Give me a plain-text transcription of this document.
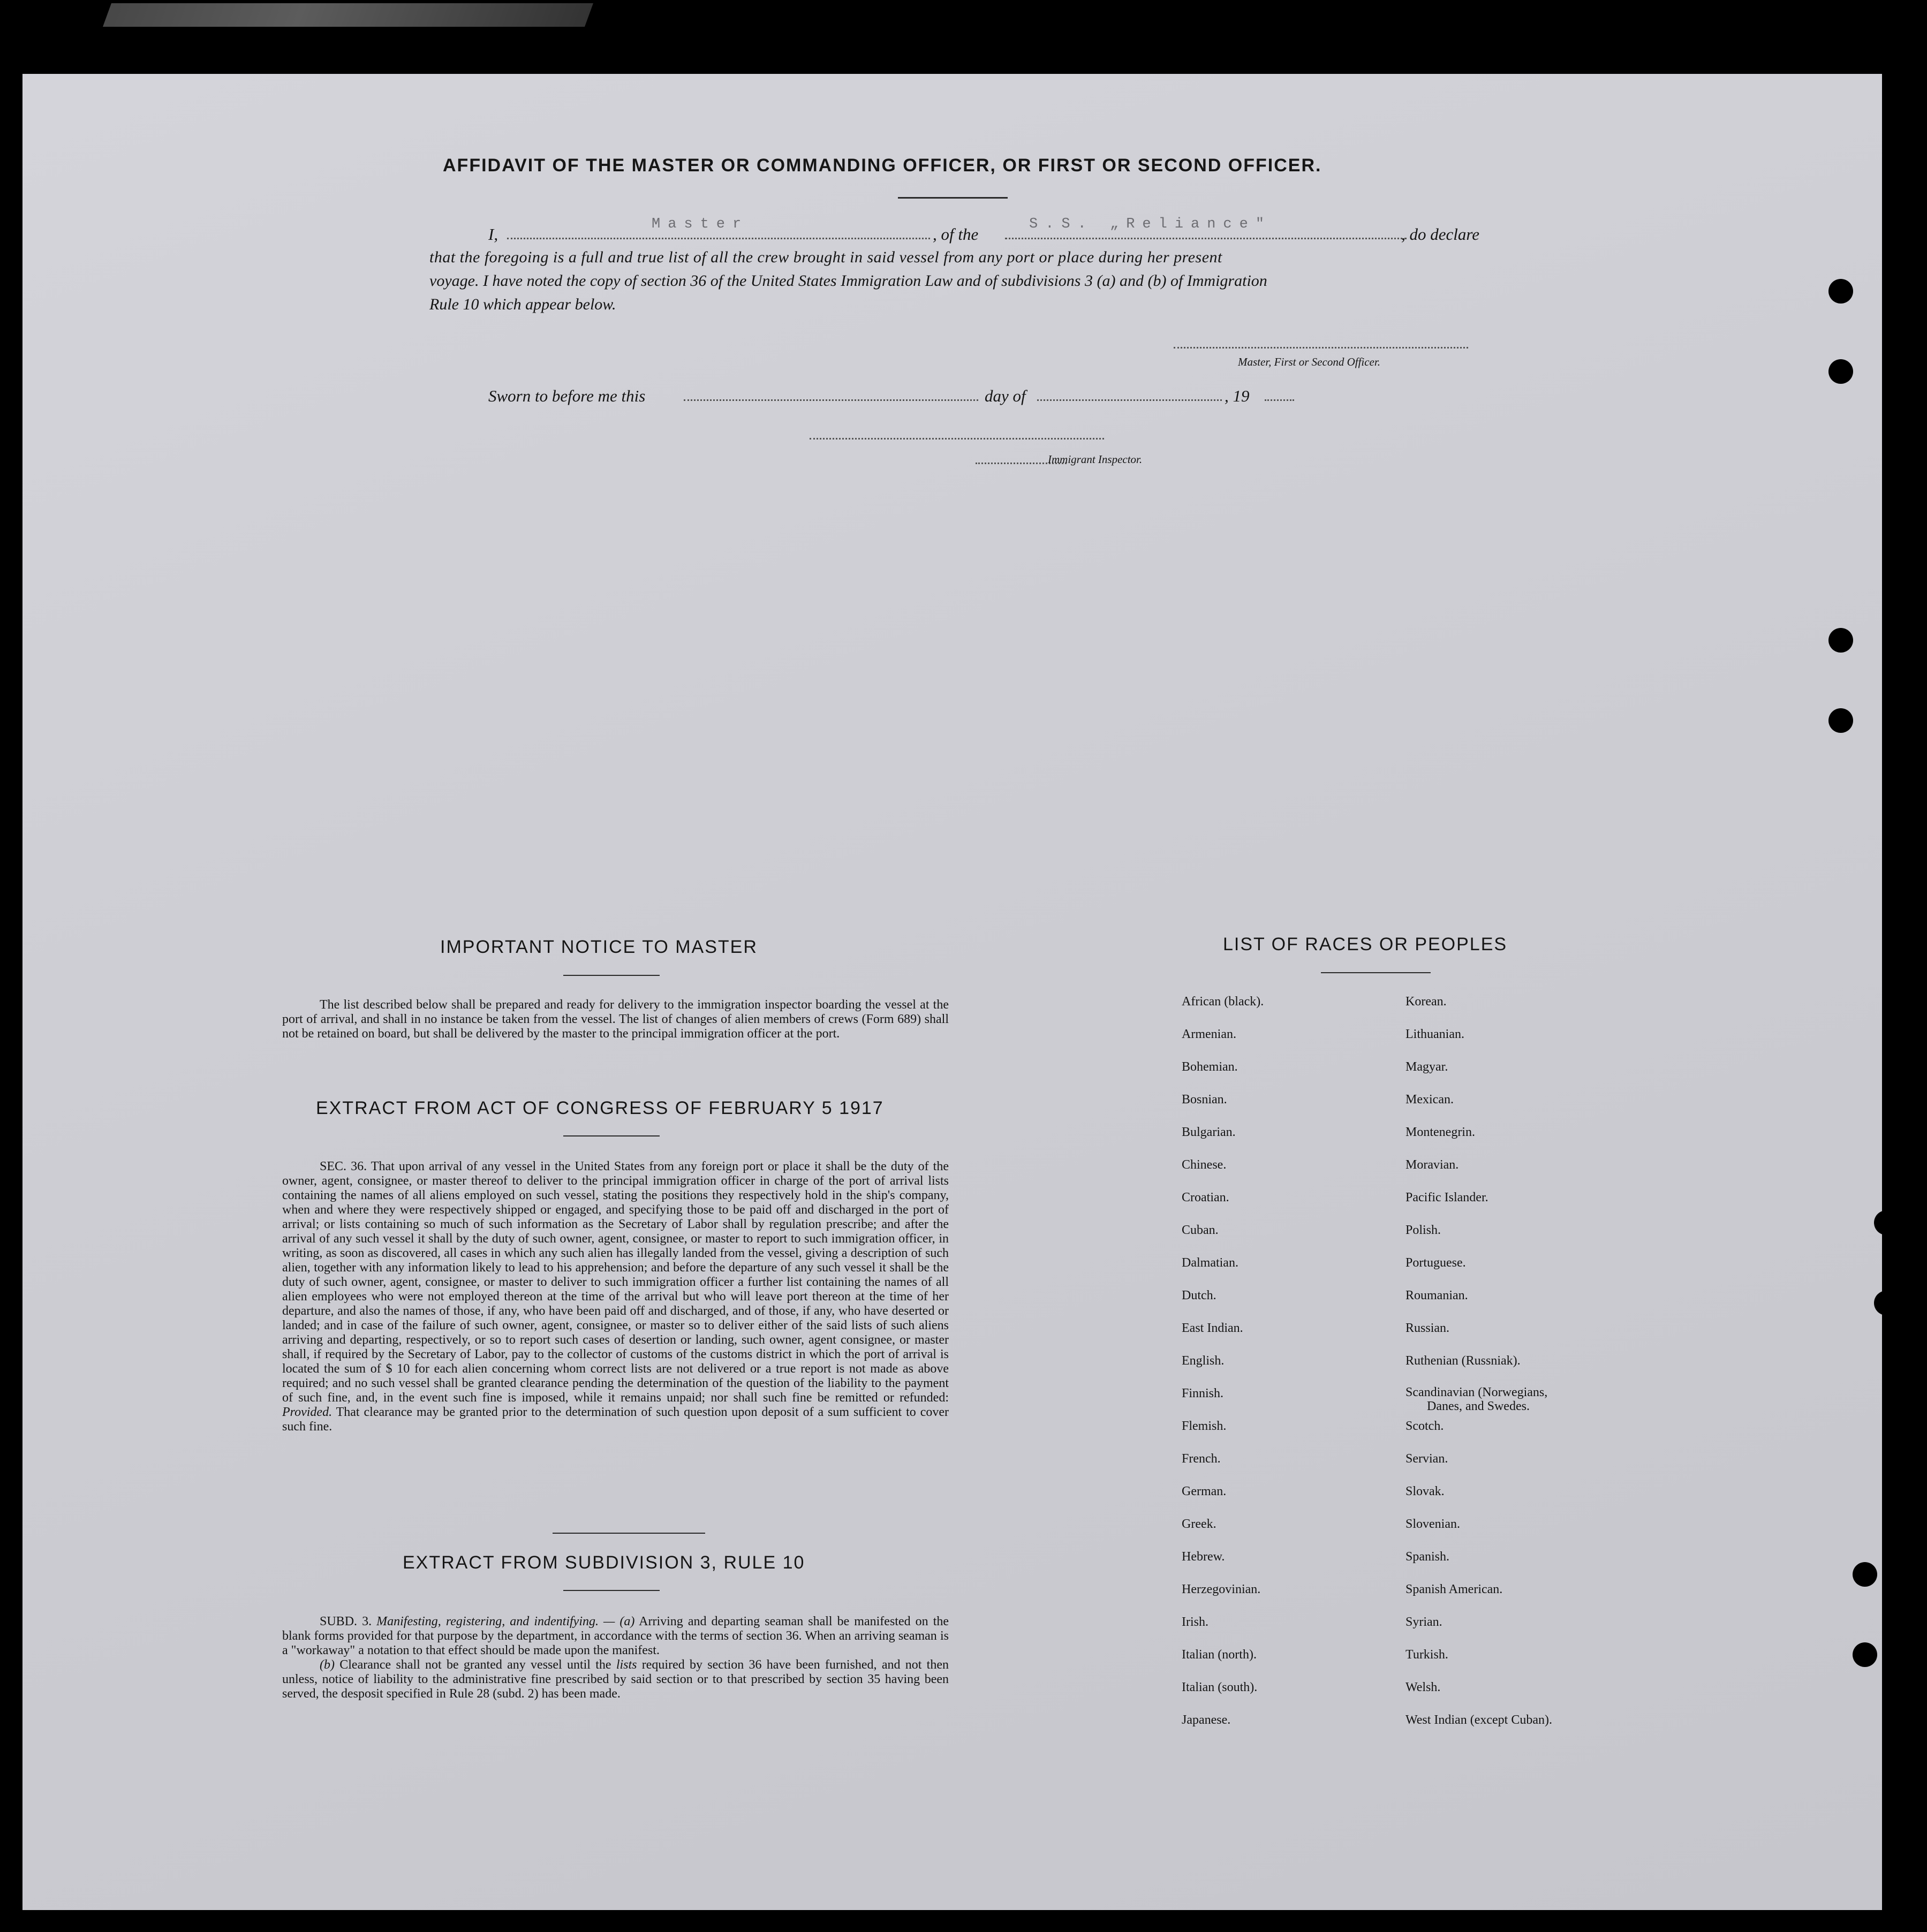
AFFIDAVIT OF THE MASTER OR COMMANDING OFFICER, OR FIRST OR SECOND OFFICER.
I,
Master
, of the
S.S. „Reliance"
, do declare
that the foregoing is a full and true list of all the crew brought in said vessel from any port or place during her present
voyage. I have noted the copy of section 36 of the United States Immigration Law and of subdivisions 3 (a) and (b) of Immigration
Rule 10 which appear below.
Master, First or Second Officer.
Sworn to before me this	day of	, 19
Immigrant Inspector.
IMPORTANT NOTICE TO MASTER

The list described below shall be prepared and ready for delivery to the immigration inspector boarding the vessel at the port of arrival, and shall in no instance be taken from the vessel. The list of changes of alien members of crews (Form 689) shall not be retained on board, but shall be delivered by the master to the principal immigration officer at the port.

EXTRACT FROM ACT OF CONGRESS OF FEBRUARY 5 1917

SEC. 36. That upon arrival of any vessel in the United States from any foreign port or place it shall be the duty of the owner, agent, consignee, or master thereof to deliver to the principal immigration officer in charge of the port of arrival lists containing the names of all aliens employed on such vessel, stating the positions they respectively hold in the ship's company, when and where they were respectively shipped or engaged, and specifying those to be paid off and discharged in the port of arrival; or lists containing so much of such information as the Secretary of Labor shall by regulation prescribe; and after the arrival of any such vessel it shall by the duty of such owner, agent, consignee, or master to report to such immigration officer, in writing, as soon as discovered, all cases in which any such alien has illegally landed from the vessel, giving a description of such alien, together with any information likely to lead to his apprehension; and before the departure of any such vessel it shall be the duty of such owner, agent, consignee, or master to deliver to such immigration officer a further list containing the names of all alien employees who were not employed thereon at the time of the arrival but who will leave port thereon at the time of her departure, and also the names of those, if any, who have been paid off and discharged, and of those, if any, who have deserted or landed; and in case of the failure of such owner, agent, consignee, or master so to deliver either of the said lists of such aliens arriving and departing, respectively, or so to report such cases of desertion or landing, such owner, agent consignee, or master shall, if required by the Secretary of Labor, pay to the collector of customs of the customs district in which the port of arrival is located the sum of $ 10 for each alien concerning whom correct lists are not delivered or a true report is not made as above required; and no such vessel shall be granted clearance pending the determination of the question of the liability to the payment of such fine, and, in the event such fine is imposed, while it remains unpaid; nor shall such fine be remitted or refunded: Provided. That clearance may be granted prior to the determination of such question upon deposit of a sum sufficient to cover such fine.

EXTRACT FROM SUBDIVISION 3, RULE 10

SUBD. 3. Manifesting, registering, and indentifying. — (a) Arriving and departing seaman shall be manifested on the blank forms provided for that purpose by the department, in accordance with the terms of section 36. When an arriving seaman is a "workaway" a notation to that effect should be made upon the manifest.

(b) Clearance shall not be granted any vessel until the lists required by section 36 have been furnished, and not then unless, notice of liability to the administrative fine prescribed by said section or to that prescribed by section 35 having been served, the desposit specified in Rule 28 (subd. 2) has been made.

LIST OF RACES OR PEOPLES
African (black).
Armenian.
Bohemian.
Bosnian.
Bulgarian.
Chinese.
Croatian.
Cuban.
Dalmatian.
Dutch.
East Indian.
English.
Finnish.
Flemish.
French.
German.
Greek.
Hebrew.
Herzegovinian.
Irish.
Italian (north).
Italian (south).
Japanese.
Korean.
Lithuanian.
Magyar.
Mexican.
Montenegrin.
Moravian.
Pacific Islander.
Polish.
Portuguese.
Roumanian.
Russian.
Ruthenian (Russniak).
Scandinavian (Norwegians,
Danes, and Swedes.
Scotch.
Servian.
Slovak.
Slovenian.
Spanish.
Spanish American.
Syrian.
Turkish.
Welsh.
West Indian (except Cuban).
